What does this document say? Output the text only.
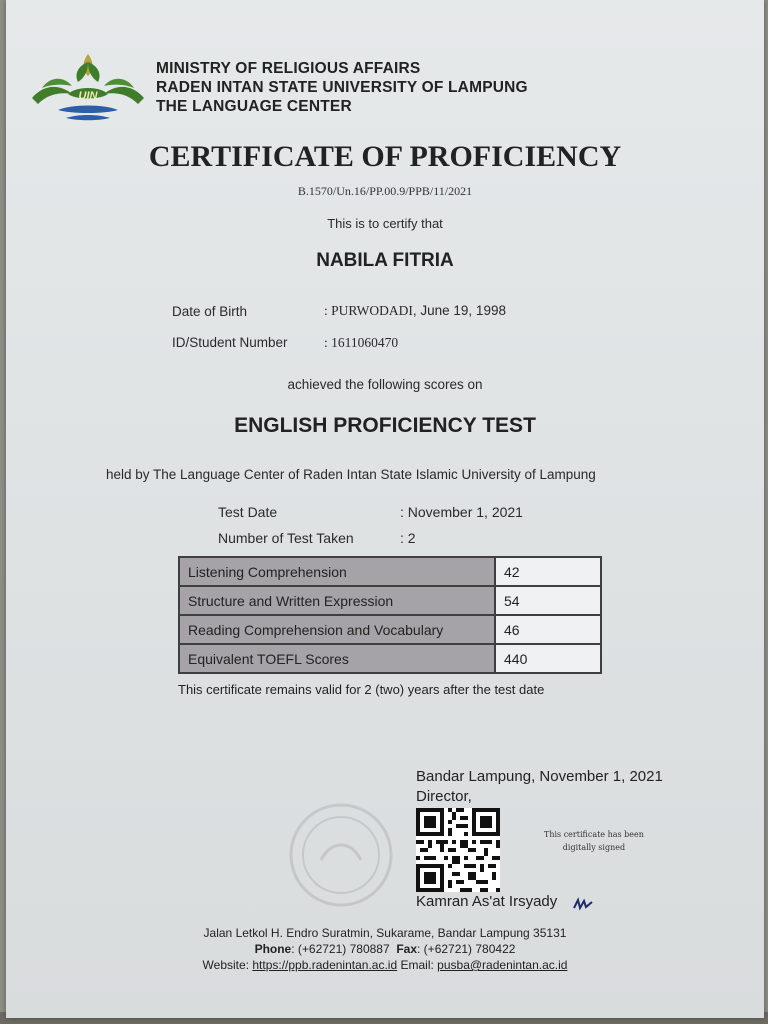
UIN
MINISTRY OF RELIGIOUS AFFAIRS
RADEN INTAN STATE UNIVERSITY OF LAMPUNG
THE LANGUAGE CENTER
CERTIFICATE OF PROFICIENCY
B.1570/Un.16/PP.00.9/PPB/11/2021
This is to certify that
NABILA FITRIA
Date of Birth	: PURWODADI, June 19, 1998
ID/Student Number	: 1611060470
achieved the following scores on
ENGLISH PROFICIENCY TEST
held by The Language Center of Raden Intan State Islamic University of Lampung
Test Date	: November 1, 2021
Number of Test Taken	: 2
Listening Comprehension	42
Structure and Written Expression	54
Reading Comprehension and Vocabulary	46
Equivalent TOEFL Scores	440
This certificate remains valid for 2 (two) years after the test date
Bandar Lampung, November 1, 2021
Director,
This certificate has been
digitally signed
Kamran As'at Irsyady
Jalan Letkol H. Endro Suratmin, Sukarame, Bandar Lampung 35131
Phone: (+62721) 780887 Fax: (+62721) 780422
Website: https://ppb.radenintan.ac.id Email: pusba@radenintan.ac.id
